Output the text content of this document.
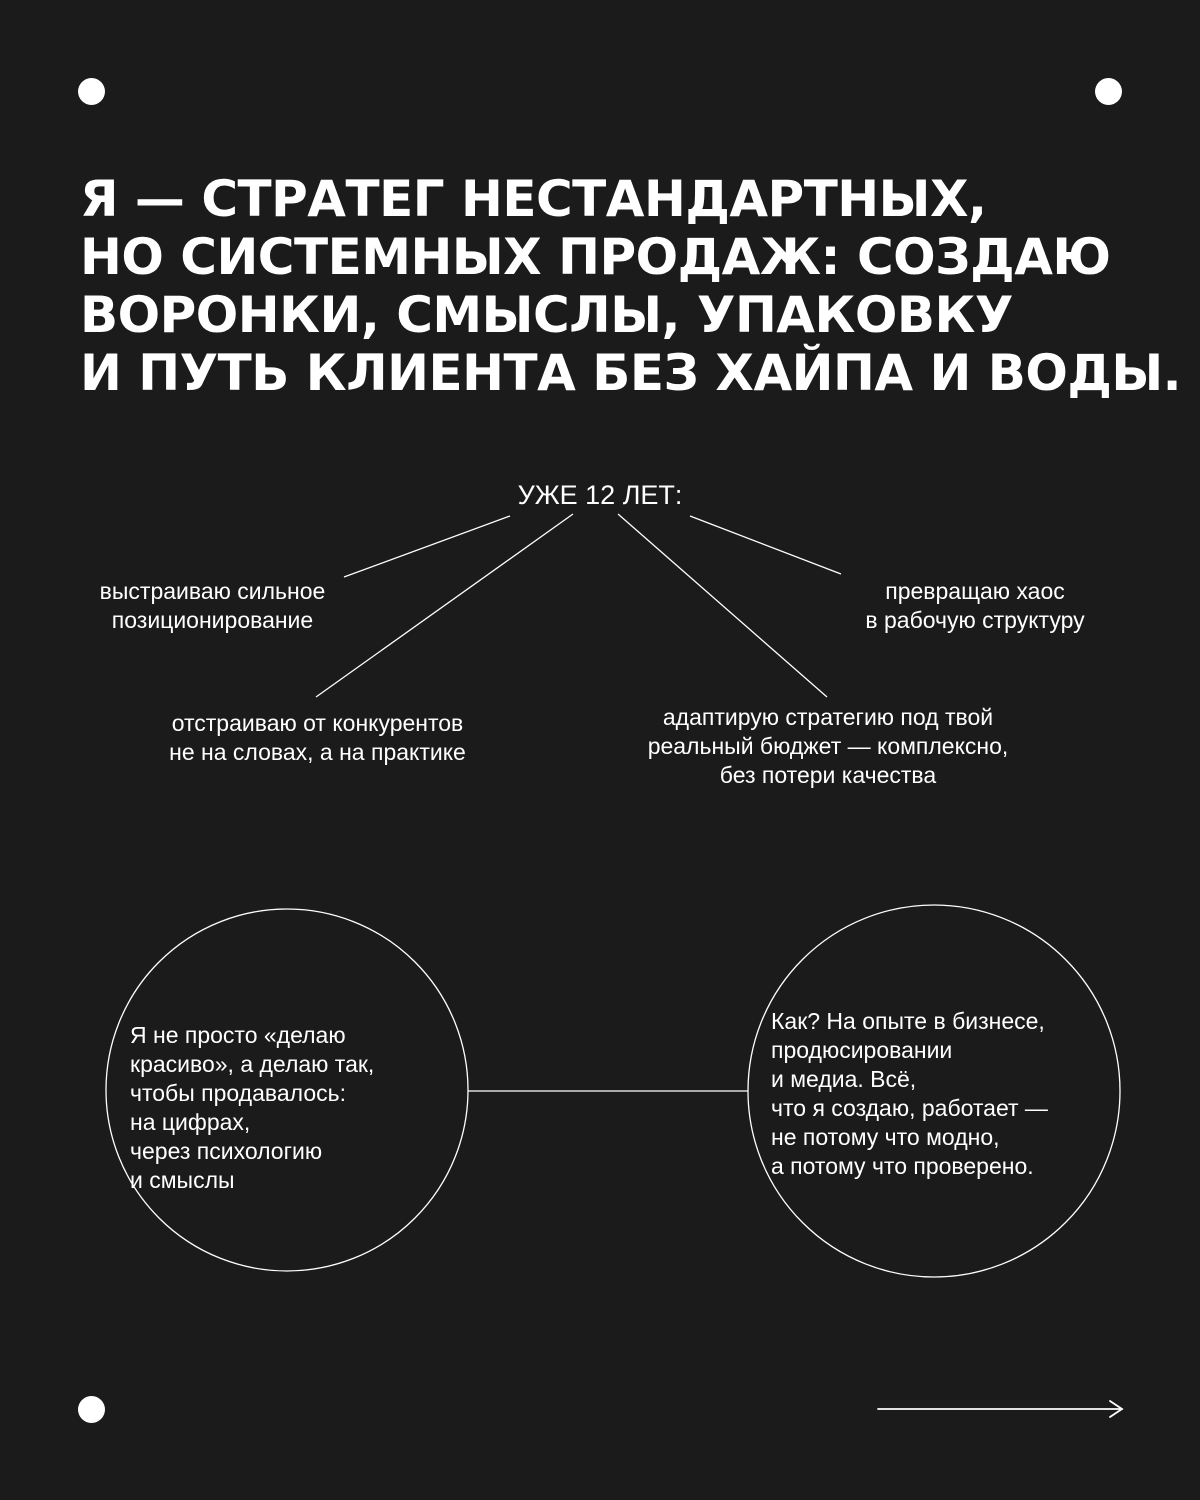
Я — СТРАТЕГ НЕСТАНДАРТНЫХ,
НО СИСТЕМНЫХ ПРОДАЖ: СОЗДАЮ
ВОРОНКИ, СМЫСЛЫ, УПАКОВКУ
И ПУТЬ КЛИЕНТА БЕЗ ХАЙПА И ВОДЫ.
УЖЕ 12 ЛЕТ:
выстраиваю сильное
позиционирование
превращаю хаос
в рабочую структуру
отстраиваю от конкурентов
не на словах, а на практике
адаптирую стратегию под твой
реальный бюджет — комплексно,
без потери качества
Я не просто «делаю
красиво», а делаю так,
чтобы продавалось:
на цифрах,
через психологию
и смыслы
Как? На опыте в бизнесе,
продюсировании
и медиа. Всё,
что я создаю, работает —
не потому что модно,
а потому что проверено.
